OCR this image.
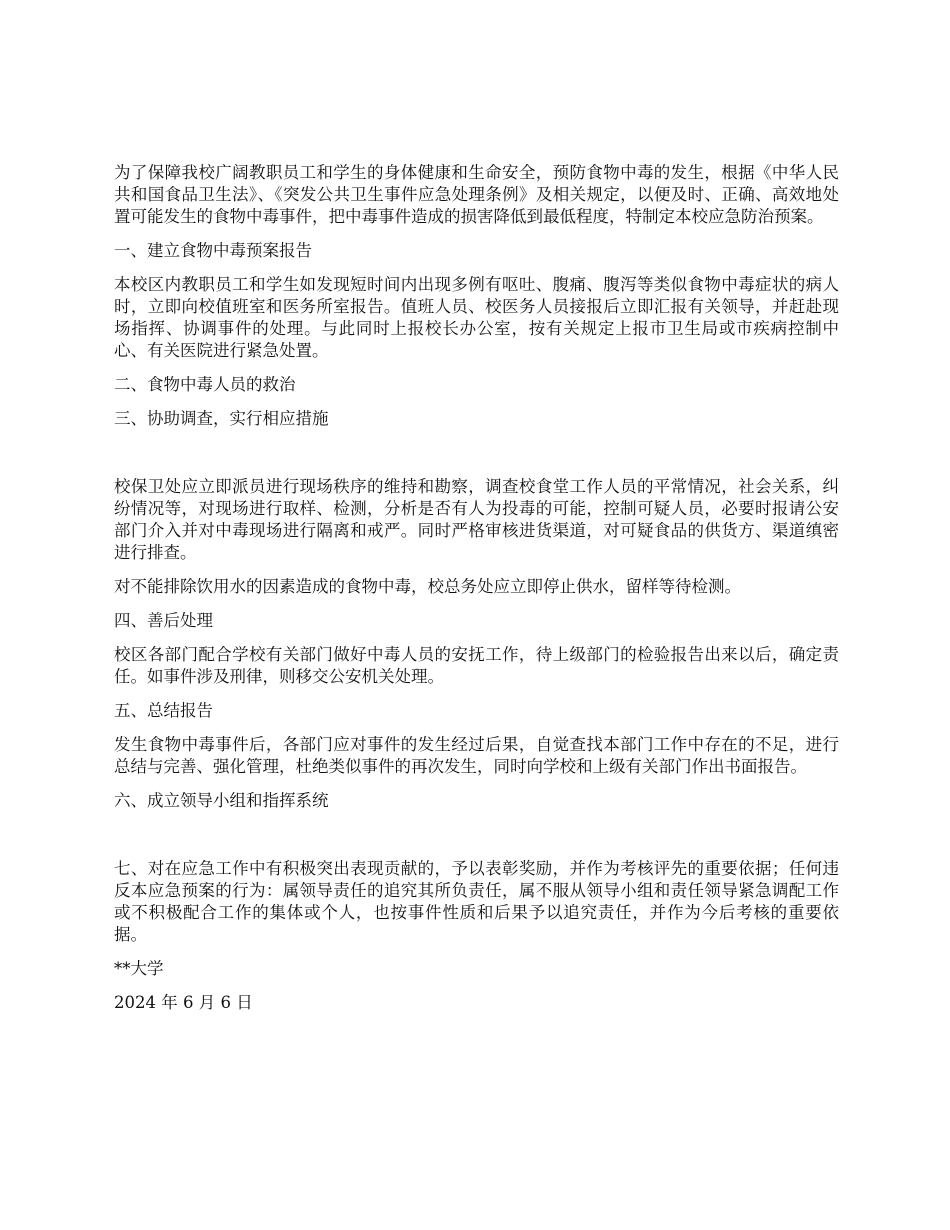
为了保障我校广阔教职员工和学生的身体健康和生命安全，预防食物中毒的发生，根据《中华人民共和国食品卫生法》、《突发公共卫生事件应急处理条例》及相关规定，以便及时、正确、高效地处置可能发生的食物中毒事件，把中毒事件造成的损害降低到最低程度，特制定本校应急防治预案。

一、建立食物中毒预案报告

本校区内教职员工和学生如发现短时间内出现多例有呕吐、腹痛、腹泻等类似食物中毒症状的病人时，立即向校值班室和医务所室报告。值班人员、校医务人员接报后立即汇报有关领导，并赶赴现场指挥、协调事件的处理。与此同时上报校长办公室，按有关规定上报市卫生局或市疾病控制中心、有关医院进行紧急处置。

二、食物中毒人员的救治

三、协助调查，实行相应措施

校保卫处应立即派员进行现场秩序的维持和勘察，调查校食堂工作人员的平常情况，社会关系，纠纷情况等，对现场进行取样、检测，分析是否有人为投毒的可能，控制可疑人员，必要时报请公安部门介入并对中毒现场进行隔离和戒严。同时严格审核进货渠道，对可疑食品的供货方、渠道缜密进行排查。

对不能排除饮用水的因素造成的食物中毒，校总务处应立即停止供水，留样等待检测。

四、善后处理

校区各部门配合学校有关部门做好中毒人员的安抚工作，待上级部门的检验报告出来以后，确定责任。如事件涉及刑律，则移交公安机关处理。

五、总结报告

发生食物中毒事件后，各部门应对事件的发生经过后果，自觉查找本部门工作中存在的不足，进行总结与完善、强化管理，杜绝类似事件的再次发生，同时向学校和上级有关部门作出书面报告。

六、成立领导小组和指挥系统

七、对在应急工作中有积极突出表现贡献的，予以表彰奖励，并作为考核评先的重要依据；任何违反本应急预案的行为：属领导责任的追究其所负责任，属不服从领导小组和责任领导紧急调配工作或不积极配合工作的集体或个人，也按事件性质和后果予以追究责任，并作为今后考核的重要依据。

**大学

2024 年 6 月 6 日
